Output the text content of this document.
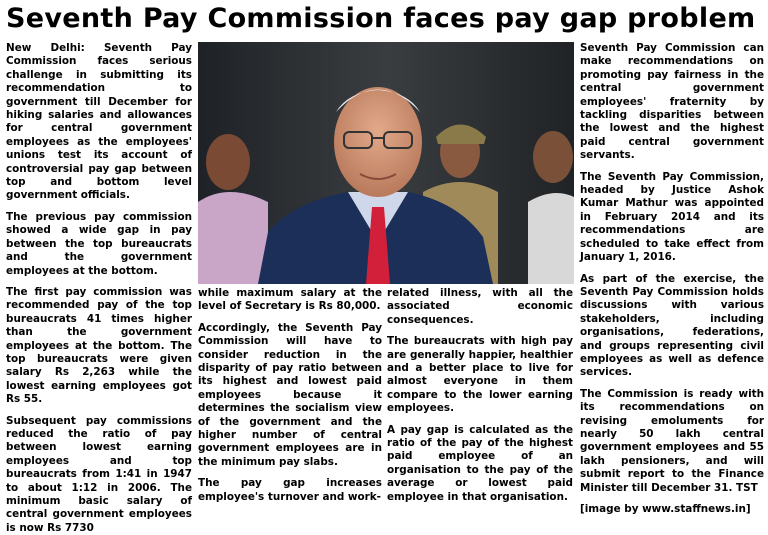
Seventh Pay Commission faces pay gap problem

New Delhi: Seventh Pay Commission faces serious challenge in submitting its recommendation to government till December for hiking salaries and allowances for central government employees as the employees' unions test its account of controversial pay gap between top and bottom level government officials.

The previous pay commission showed a wide gap in pay between the top bureaucrats and the government employees at the bottom.

The first pay commission was recommended pay of the top bureaucrats 41 times higher than the government employees at the bottom. The top bureaucrats were given salary Rs 2,263 while the lowest earning employees got Rs 55.

Subsequent pay commissions reduced the ratio of pay between lowest earning employees and top bureaucrats from 1:41 in 1947 to about 1:12 in 2006. The minimum basic salary of central government employees is now Rs 7730

while maximum salary at the level of Secretary is Rs 80,000.

Accordingly, the Seventh Pay Commission will have to consider reduction in the disparity of pay ratio between its highest and lowest paid employees because it determines the socialism view of the government and the higher number of central government employees are in the minimum pay slabs.

The pay gap increases employee's turnover and work-

related illness, with all the associated economic consequences.

The bureaucrats with high pay are generally happier, healthier and a better place to live for almost everyone in them compare to the lower earning employees.

A pay gap is calculated as the ratio of the pay of the highest paid employee of an organisation to the pay of the average or lowest paid employee in that organisation.

Seventh Pay Commission can make recommendations on promoting pay fairness in the central government employees' fraternity by tackling disparities between the lowest and the highest paid central government servants.

The Seventh Pay Commission, headed by Justice Ashok Kumar Mathur was appointed in February 2014 and its recommendations are scheduled to take effect from January 1, 2016.

As part of the exercise, the Seventh Pay Commission holds discussions with various stakeholders, including organisations, federations, and groups representing civil employees as well as defence services.

The Commission is ready with its recommendations on revising emoluments for nearly 50 lakh central government employees and 55 lakh pensioners, and will submit report to the Finance Minister till December 31. TST

[image by www.staffnews.in]
